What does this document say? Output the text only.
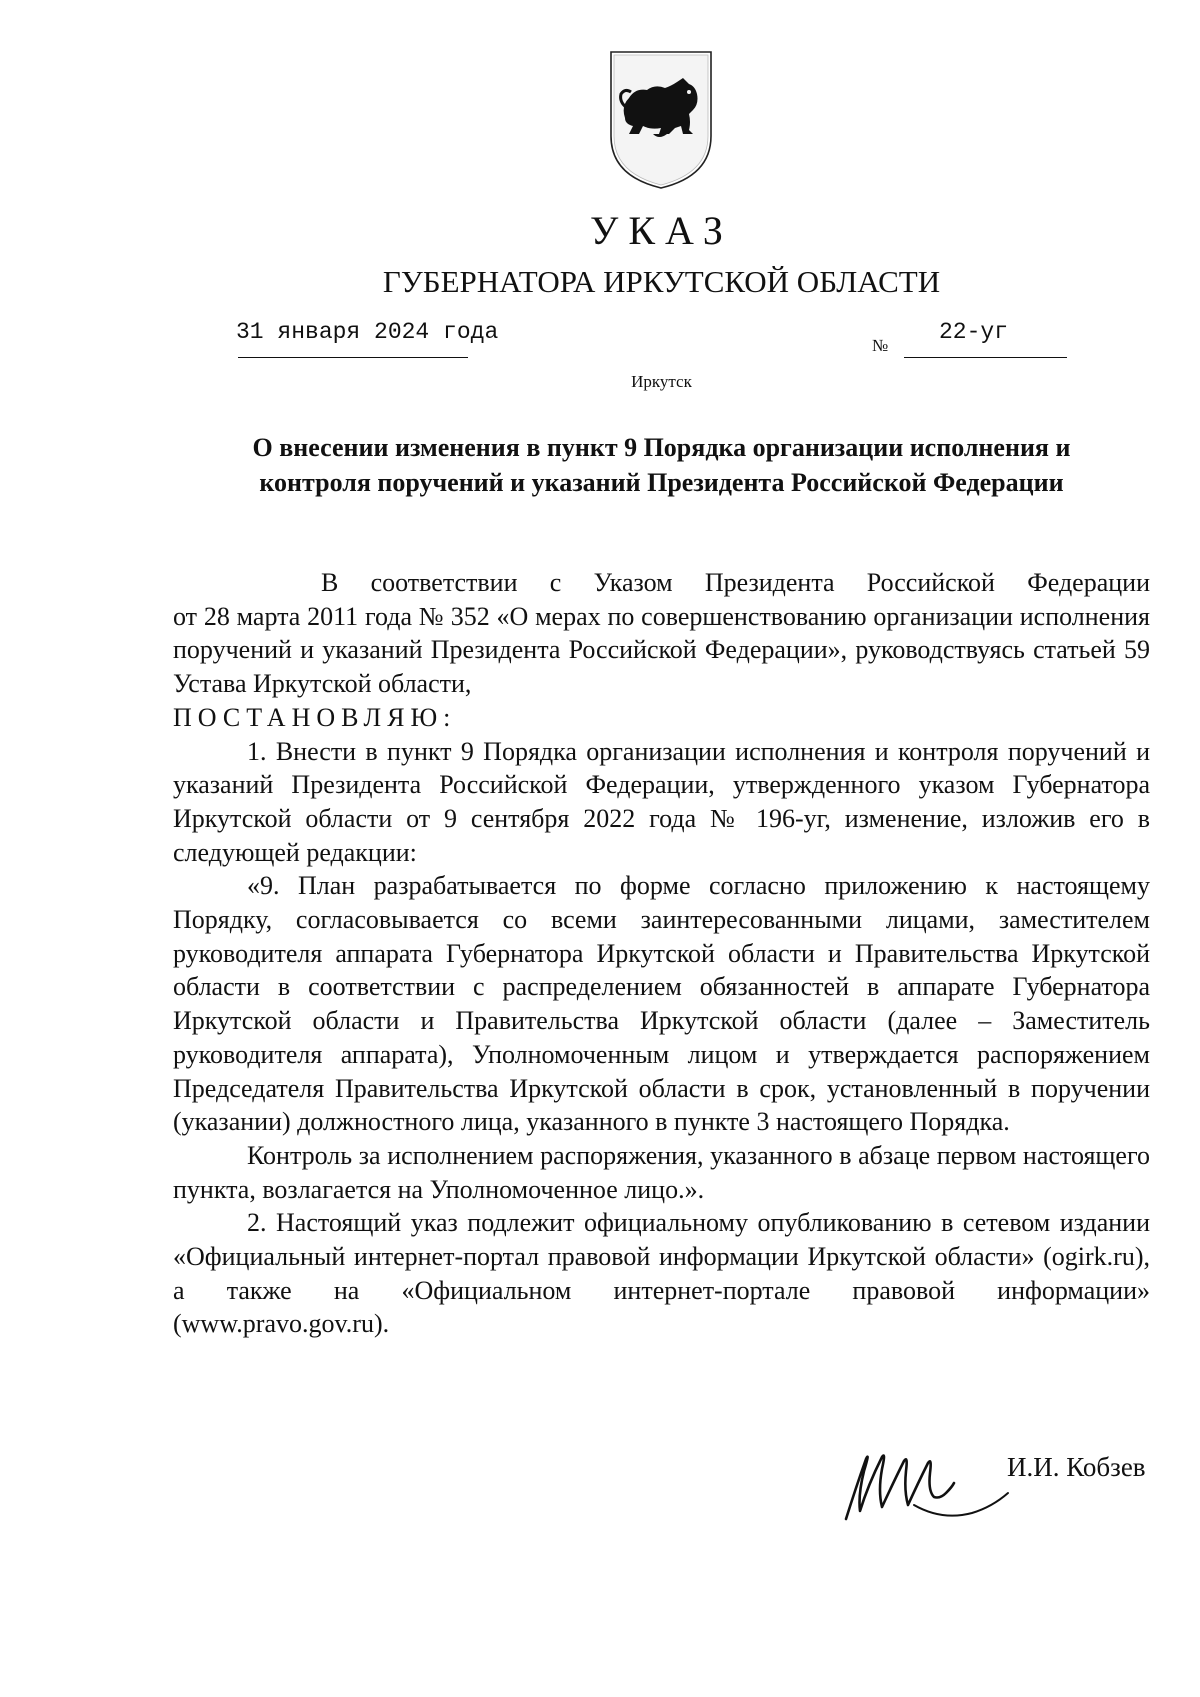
УКАЗ
ГУБЕРНАТОРА ИРКУТСКОЙ ОБЛАСТИ
31 января 2024 года
№
22-уг
Иркутск
О внесении изменения в пункт 9 Порядка организации исполнения и
контроля поручений и указаний Президента Российской Федерации

В соответствии с Указом Президента Российской Федерации

от 28 марта 2011 года № 352 «О мерах по совершенствованию организации исполнения поручений и указаний Президента Российской Федерации», руководствуясь статьей 59 Устава Иркутской области,

ПОСТАНОВЛЯЮ:

1. Внести в пункт 9 Порядка организации исполнения и контроля поручений и указаний Президента Российской Федерации, утвержденного указом Губернатора Иркутской области от 9 сентября 2022 года № 196-уг, изменение, изложив его в следующей редакции:

«9. План разрабатывается по форме согласно приложению к настоящему Порядку, согласовывается со всеми заинтересованными лицами, заместителем руководителя аппарата Губернатора Иркутской области и Правительства Иркутской области в соответствии с распределением обязанностей в аппарате Губернатора Иркутской области и Правительства Иркутской области (далее – Заместитель руководителя аппарата), Уполномоченным лицом и утверждается распоряжением Председателя Правительства Иркутской области в срок, установленный в поручении (указании) должностного лица, указанного в пункте 3 настоящего Порядка.

Контроль за исполнением распоряжения, указанного в абзаце первом настоящего пункта, возлагается на Уполномоченное лицо.».

2. Настоящий указ подлежит официальному опубликованию в сетевом издании «Официальный интернет-портал правовой информации Иркутской области» (ogirk.ru), а также на «Официальном интернет-портале правовой информации» (www.pravo.gov.ru).

И.И. Кобзев
